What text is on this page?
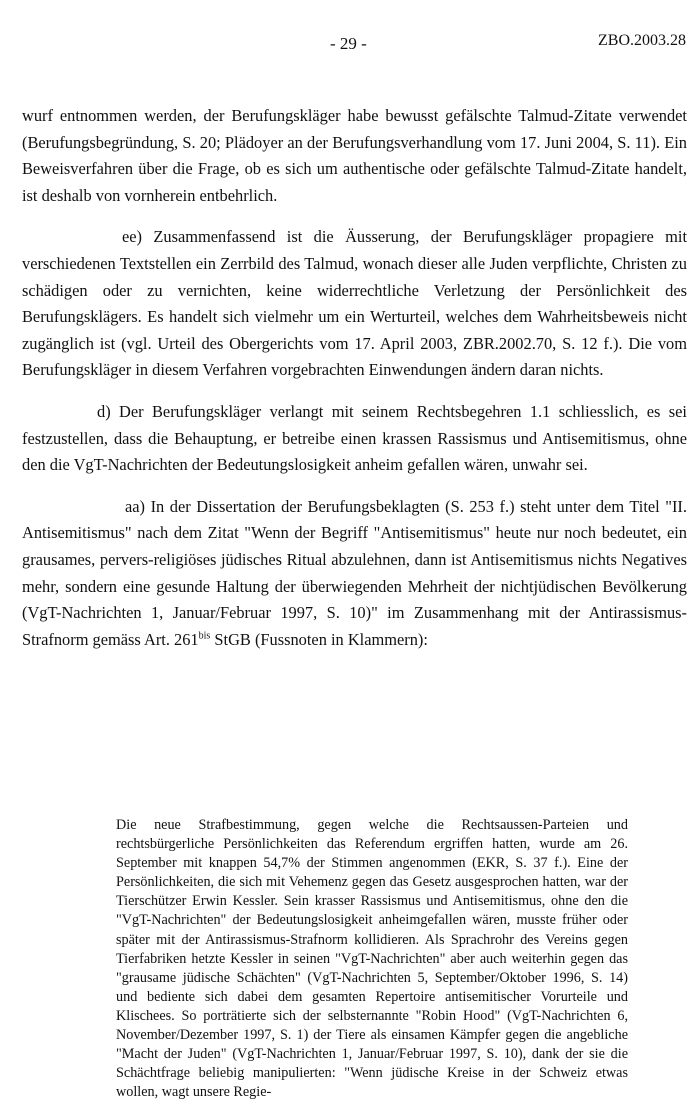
- 29 -	ZBO.2003.28

wurf entnommen werden, der Berufungskläger habe bewusst gefälschte Talmud-Zitate verwendet (Berufungsbegründung, S. 20; Plädoyer an der Berufungsverhandlung vom 17. Juni 2004, S. 11). Ein Beweisverfahren über die Frage, ob es sich um authentische oder gefälschte Talmud-Zitate handelt, ist deshalb von vornherein entbehrlich.

ee) Zusammenfassend ist die Äusserung, der Berufungskläger propagiere mit verschiedenen Textstellen ein Zerrbild des Talmud, wonach dieser alle Juden verpflichte, Christen zu schädigen oder zu vernichten, keine widerrechtliche Verletzung der Persönlichkeit des Berufungsklägers. Es handelt sich vielmehr um ein Werturteil, welches dem Wahrheitsbeweis nicht zugänglich ist (vgl. Urteil des Obergerichts vom 17. April 2003, ZBR.2002.70, S. 12 f.). Die vom Berufungskläger in diesem Verfahren vorgebrachten Einwendungen ändern daran nichts.

d) Der Berufungskläger verlangt mit seinem Rechtsbegehren 1.1 schliesslich, es sei festzustellen, dass die Behauptung, er betreibe einen krassen Rassismus und Antisemitismus, ohne den die VgT-Nachrichten der Bedeutungslosigkeit anheim gefallen wären, unwahr sei.

aa) In der Dissertation der Berufungsbeklagten (S. 253 f.) steht unter dem Titel "II. Antisemitismus" nach dem Zitat "Wenn der Begriff "Antisemitismus" heute nur noch bedeutet, ein grausames, pervers-religiöses jüdisches Ritual abzulehnen, dann ist Antisemitismus nichts Negatives mehr, sondern eine gesunde Haltung der überwiegenden Mehrheit der nichtjüdischen Bevölkerung (VgT-Nachrichten 1, Januar/Februar 1997, S. 10)" im Zusammenhang mit der Antirassismus-Strafnorm gemäss Art. $261^{bis}$ StGB (Fussnoten in Klammern):

Die neue Strafbestimmung, gegen welche die Rechtsaussen-Parteien und rechtsbürgerliche Persönlichkeiten das Referendum ergriffen hatten, wurde am 26. September mit knappen 54,7% der Stimmen angenommen (EKR, S. 37 f.). Eine der Persönlichkeiten, die sich mit Vehemenz gegen das Gesetz ausgesprochen hatten, war der Tierschützer Erwin Kessler. Sein krasser Rassismus und Antisemitismus, ohne den die "VgT-Nachrichten" der Bedeutungslosigkeit anheimgefallen wären, musste früher oder später mit der Antirassismus-Strafnorm kollidieren. Als Sprachrohr des Vereins gegen Tierfabriken hetzte Kessler in seinen "VgT-Nachrichten" aber auch weiterhin gegen das "grausame jüdische Schächten" (VgT-Nachrichten 5, September/Oktober 1996, S. 14) und bediente sich dabei dem gesamten Repertoire antisemitischer Vorurteile und Klischees. So porträtierte sich der selbsternannte "Robin Hood" (VgT-Nachrichten 6, November/Dezember 1997, S. 1) der Tiere als einsamen Kämpfer gegen die angebliche "Macht der Juden" (VgT-Nachrichten 1, Januar/Februar 1997, S. 10), dank der sie die Schächtfrage beliebig manipulierten: "Wenn jüdische Kreise in der Schweiz etwas wollen, wagt unsere Regie-
